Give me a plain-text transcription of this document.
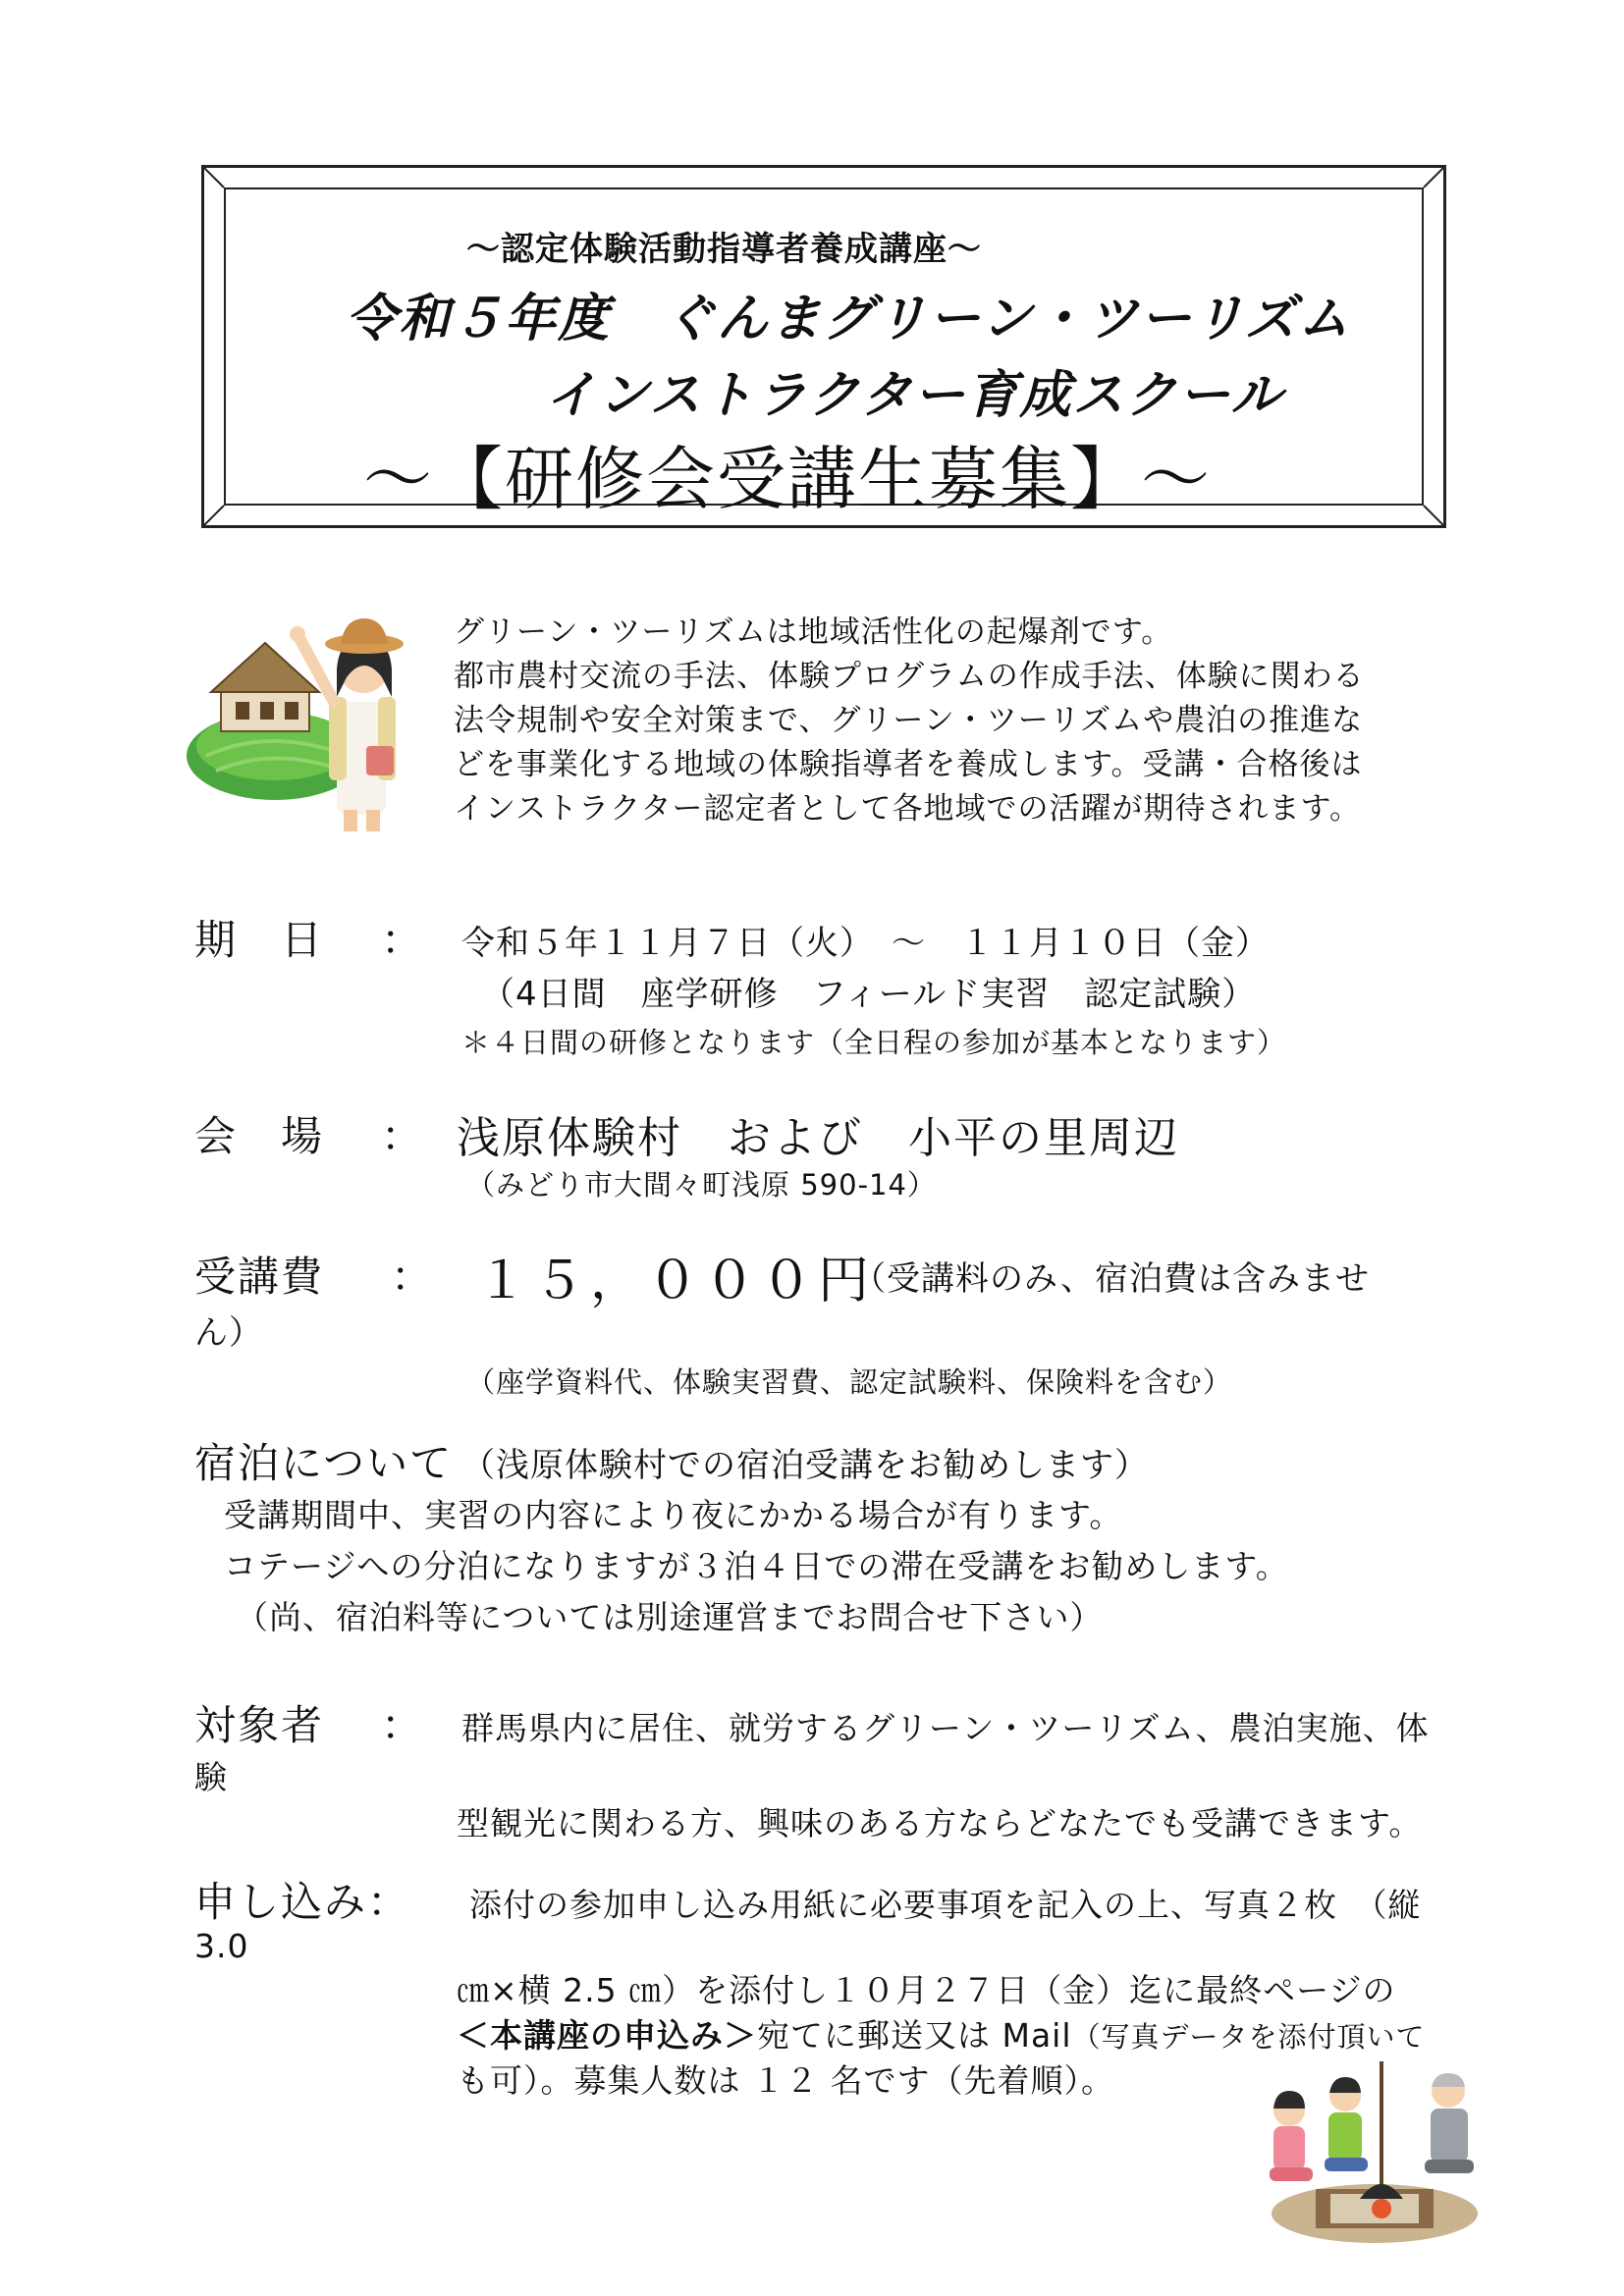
～認定体験活動指導者養成講座～
令和５年度　ぐんまグリーン・ツーリズム
インストラクター育成スクール
～【研修会受講生募集】～
グリーン・ツーリズムは地域活性化の起爆剤です。
都市農村交流の手法、体験プログラムの作成手法、体験に関わる
法令規制や安全対策まで、グリーン・ツーリズムや農泊の推進な
どを事業化する地域の体験指導者を養成します。受講・合格後は
インストラクター認定者として各地域での活躍が期待されます。
期　日 ： 令和５年１１月７日（火）　～　１１月１０日（金）
（4日間　座学研修　フィールド実習　認定試験）
＊４日間の研修となります（全日程の参加が基本となります）
会　場 ： 浅原体験村　および　小平の里周辺
（みどり市大間々町浅原 590-14）
受講費 ： １５，０００円
（受講料のみ、宿泊費は含みませ
ん）
（座学資料代、体験実習費、認定試験料、保険料を含む）
宿泊について （浅原体験村での宿泊受講をお勧めします）
受講期間中、実習の内容により夜にかかる場合が有ります。
コテージへの分泊になりますが３泊４日での滞在受講をお勧めします。
（尚、宿泊料等については別途運営までお問合せ下さい）
対象者 ： 群馬県内に居住、就労するグリーン・ツーリズム、農泊実施、体
験
型観光に関わる方、興味のある方ならどなたでも受講できます。
申し込み： 添付の参加申し込み用紙に必要事項を記入の上、写真２枚　（縦
3.0
㎝×横 2.5 ㎝）を添付し１０月２７日（金）迄に最終ページの
＜本講座の申込み＞宛てに郵送又は Mail（写真データを添付頂いて
も可）。募集人数は １２ 名です（先着順）。
